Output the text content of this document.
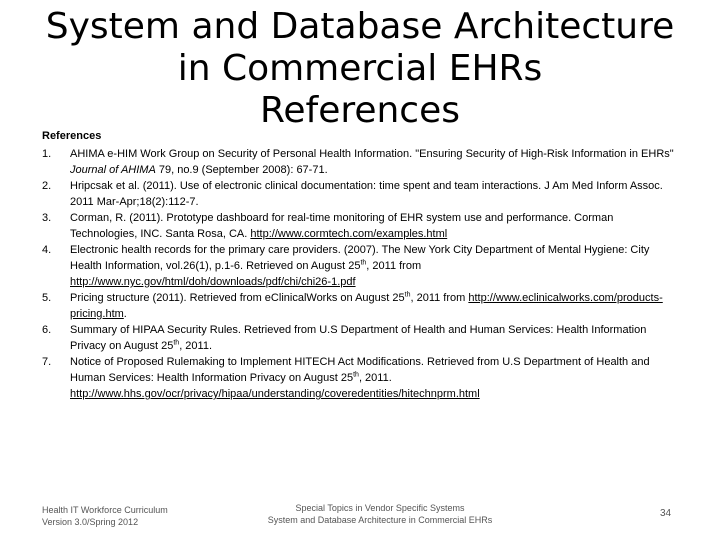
System and Database Architecture
in Commercial EHRs
References

References

1. AHIMA e-HIM Work Group on Security of Personal Health Information. "Ensuring Security of High-Risk Information in EHRs" Journal of AHIMA 79, no.9 (September 2008): 67-71.
2. Hripcsak et al. (2011). Use of electronic clinical documentation: time spent and team interactions. J Am Med Inform Assoc. 2011 Mar-Apr;18(2):112-7.
3. Corman, R. (2011). Prototype dashboard for real-time monitoring of EHR system use and performance. Corman Technologies, INC. Santa Rosa, CA. http://www.cormtech.com/examples.html
4. Electronic health records for the primary care providers. (2007). The New York City Department of Mental Hygiene: City Health Information, vol.26(1), p.1-6. Retrieved on August 25th, 2011 from http://www.nyc.gov/html/doh/downloads/pdf/chi/chi26-1.pdf
5. Pricing structure (2011). Retrieved from eClinicalWorks on August 25th, 2011 from http://www.eclinicalworks.com/products-pricing.htm.
6. Summary of HIPAA Security Rules. Retrieved from U.S Department of Health and Human Services: Health Information Privacy on August 25th, 2011.
7. Notice of Proposed Rulemaking to Implement HITECH Act Modifications. Retrieved from U.S Department of Health and Human Services: Health Information Privacy on August 25th, 2011. http://www.hhs.gov/ocr/privacy/hipaa/understanding/coveredentities/hitechnprm.html
Health IT Workforce Curriculum
Version 3.0/Spring 2012
Special Topics in Vendor Specific Systems
System and Database Architecture in Commercial EHRs
34
